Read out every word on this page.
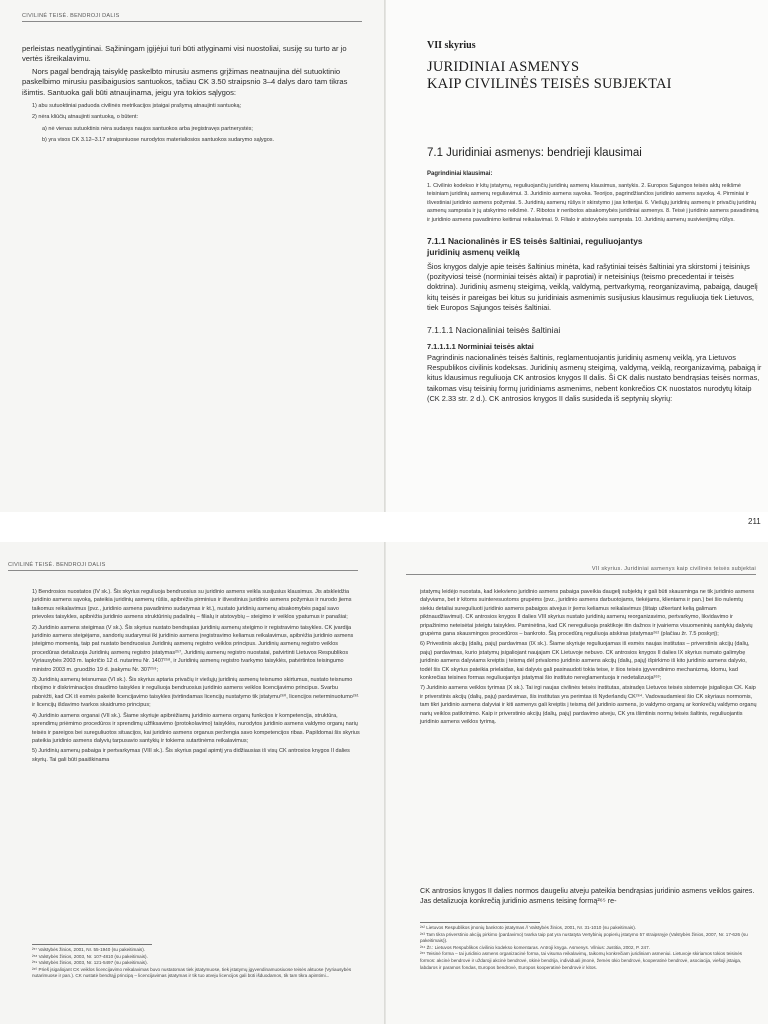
CIVILINĖ TEISĖ. BENDROJI DALIS

perleistas neatlygintinai. Sąžiningam įgijėjui turi būti atlyginami visi nuostoliai, susiję su turto ar jo vertės išreikalavimu.

Nors pagal bendrąją taisyklę paskelbto mirusiu asmens grįžimas neatnaujina dėl sutuoktinio paskelbimo mirusiu pasibaigusios santuokos, tačiau CK 3.50 straipsnio 3–4 dalys daro tam tikras išimtis. Santuoka gali būti atnaujinama, jeigu yra tokios sąlygos:

1) abu sutuoktiniai paduoda civilinės metrikacijos įstaigai prašymą atnaujinti santuoką;

2) nėra kliūčių atnaujinti santuoką, o būtent:

a) nė vienas sutuoktinis nėra sudaręs naujos santuokos arba įregistravęs partnerystės;

b) yra visos CK 3.12–3.17 straipsniuose nurodytos materialiosios santuokos sudarymo sąlygos.

VII skyrius
JURIDINIAI ASMENYS
KAIP CIVILINĖS TEISĖS SUBJEKTAI
7.1 Juridiniai asmenys: bendrieji klausimai
Pagrindiniai klausimai:

1. Civilinio kodekso ir kitų įstatymų, reguliuojančių juridinių asmenų klausimus, santykis. 2. Europos Sąjungos teisės aktų reikšmė teisiniam juridinių asmenų reguliavimui. 3. Juridinio asmens sąvoka. Teorijos, pagrindžiančios juridinio asmens sąvoką. 4. Pirminiai ir išvestiniai juridinio asmens požymiai. 5. Juridinių asmenų rūšys ir skirstymo į jas kriterijai. 6. Viešųjų juridinių asmenų ir privačių juridinių asmenų samprata ir jų atskyrimo reikšmė. 7. Ribotos ir neribotos atsakomybės juridiniai asmenys. 8. Teisė į juridinio asmens pavadinimą ir juridinio asmens pavadinimo keitimai reikalavimai. 9. Filialo ir atstovybės samprata. 10. Juridinių asmenų susivienijimų rūšys.

7.1.1 Nacionalinės ir ES teisės šaltiniai, reguliuojantys juridinių asmenų veiklą

Šios knygos dalyje apie teisės šaltinius minėta, kad rašytiniai teisės šaltiniai yra skirstomi į teisiniųs (pozityviosi teisė (norminiai teisės aktai) ir paprotiai) ir neteisiniųs (teismo precedentai ir teisės doktrina). Juridinių asmenų steigimą, veiklą, valdymą, pertvarkymą, reorganizavimą, pabaigą, daugelį kitų teisės ir pareigas bei kitus su juridiniais asmenimis susijusius klausimus reguliuoja tiek Lietuvos, tiek Europos Sąjungos teisės šaltiniai.

7.1.1.1 Nacionaliniai teisės šaltiniai
7.1.1.1.1 Norminiai teisės aktai

Pagrindinis nacionalinės teisės šaltinis, reglamentuojantis juridinių asmenų veiklą, yra Lietuvos Respublikos civilinis kodeksas. Juridinių asmenų steigimą, valdymą, veiklą, reorganizavimą, pabaigą ir kitus klausimus reguliuoja CK antrosios knygos II dalis. Ši CK dalis nustato bendrąsias teisės normas, taikomas visų teisinių formų juridiniams asmenims, nebent konkrečios CK nuostatos nurodytų kitaip (CK 2.33 str. 2 d.). CK antrosios knygos II dalis susideda iš septynių skyrių:

211
CIVILINĖ TEISĖ. BENDROJI DALIS

1) Bendrosios nuostatos (IV sk.). Šis skyrius reguliuoja bendruosius su juridinio asmens veikla susijusius klausimus. Jis atskleidžia juridinio asmens sąvoką, pateikia juridinių asmenų rūšis, apibrėžia pirminius ir išvestinius juridinio asmens požymius ir nurodo jiems taikomus reikalavimus (pvz., juridinio asmens pavadinimo sudarymas ir kt.), nustato juridinių asmenų atsakomybės pagal savo prievoles taisykles, apibrėžia juridinio asmens struktūrinių padalinių – filialų ir atstovybių – steigimo ir veiklos ypatumus ir panašiai;

2) Juridinio asmens steigimas (V sk.). Šis skyrius nustato bendrąsias juridinių asmenų steigimo ir registravimo taisykles. CK įvardija juridinio asmens steigėjams, sandorių sudarymui iki juridinio asmens įregistravimo keliamus reikalavimus, apibrėžia juridinio asmens įsteigimo momentą, taip pat nustato bendruosius Juridinių asmenų registro veiklos principus. Juridinių asmenų registro veiklos procedūras detalizuoja Juridinių asmenų registro įstatymas²⁵⁷, Juridinių asmenų registro nuostatai, patvirtinti Lietuvos Respublikos Vyriausybės 2003 m. lapkričio 12 d. nutarimu Nr. 1407²⁵⁸, ir Juridinių asmenų registro tvarkymo taisyklės, patvirtintos teisingumo ministro 2003 m. gruodžio 19 d. įsakymu Nr. 307²⁵⁹;

3) Juridinių asmenų teisnumas (VI sk.). Šis skyrius aptaria privačių ir viešųjų juridinių asmenų teisnumo skirtumus, nustato teisnumo ribojimo ir diskriminacijos draudimo taisykles ir reguliuoja bendruosius juridinio asmens veiklos licencijavimo principus. Svarbu pabrėžti, kad CK iš esmės pakeitė licencijavimo taisykles įtvirtindamas licencijų nustatymo tik įstatymu²⁶⁰, licencijos neterminuotumo²⁶¹ ir licencijų išdavimo tvarkos skaidrumo principus;

4) Juridinio asmens organai (VII sk.). Šiame skyriuje apibrėžiamų juridinio asmens organų funkcijos ir kompetencija, struktūra, sprendimų priėmimo procedūros ir sprendimų užfiksavimo (protokolavimo) taisyklės, nurodytos juridinio asmens valdymo organų narių teisės ir pareigos bei sureguliuotos situacijos, kai juridinio asmens organus peržengia savo kompetencijos ribas. Papildomai šis skyrius pateikia juridinio asmens dalyvių tarpusavio santykių ir tokiems sutartinėms reikalavimus;

5) Juridinių asmenų pabaiga ir pertvarkymas (VIII sk.). Šis skyrius pagal apimtį yra didžiausias iš visų CK antrosios knygos II dalies skyrių. Tai gali būti paaiškinama

²⁵⁷ Valstybės žinios, 2001, Nr. 55-1940 (su pakeitimais).

²⁵⁸ Valstybės žinios, 2003, Nr. 107-4810 (su pakeitimais).

²⁵⁹ Valstybės žinios, 2003, Nr. 121-5497 (su pakeitimais).

²⁶⁰ Prieš įsigaliojant CK veiklos licencijavimo reikalavimas buvo nustatomas tiek įstatymuose, tiek įstatymų įgyvendinamuosiuose teisės aktuose (Vyriausybės nutarimuose ir pan.). CK nustatė bendrąjį principą – licencijavimas įstatymas ir tik tuo atveju licencijos gali būti išduodamos, tik tam tikra apimtimi...

VII skyrius. Juridiniai asmenys kaip civilinės teisės subjektai

įstatymų leidėjo nuostata, kad kiekvieno juridinio asmens pabaiga paveikia daugelį subjektų ir gali būti skausminga ne tik juridinio asmens dalyviams, bet ir kitoms suinteresuotoms grupėms (pvz., juridinio asmens darbuotojams, tiekėjams, klientams ir pan.) bei šio nulemtų siekiu detaliai sureguliuoti juridinio asmens pabaigos atvejus ir jiems keliamus reikalavimus (šitaip užkertant kelią galimam piktnaudžiavimui). CK antrosios knygos II dalies VIII skyrius nustato juridinių asmenų reorganizavimo, pertvarkymo, likvidavimo ir pripažinimo neteisėtai įsteigtu taisykles. Paminėtina, kad CK nereguliuoja praktikoje itin dažnos ir įvairiems visuomeninių santykių dalyvių grupėms gana skausmingos procedūros – bankroto. Šią procedūrą reguliuoja atskiras įstatymas²⁶² (plačiau žr. 7.5 poskyrį);

6) Privestinis akcijų (dalių, pajų) pardavimas (IX sk.). Šiame skyriuje reguliuojamas iš esmės naujas institutas – priverstinis akcijų (dalių, pajų) pardavimas, kurio įstatymų įsigaliojant naujajam CK Lietuvoje nebuvo. CK antrosios knygos II dalies IX skyrius numato galimybę juridinio asmens dalyviams kreiptis į teismą dėl privalomo juridinio asmens akcijų (dalių, pajų) išpirkimo iš kito juridinio asmens dalyvio, todėl šis CK skyrius pateikia prielaidas, kai dalyvis gali pasinaudoti tokia teise, ir šios teisės įgyvendinimo mechanizmą. Idomu, kad konkrečias teisines formas reguliuojantys įstatymai šio instituto nereglamentuoja ir nedetalizuoja²⁶³;

7) Juridinio asmens veiklos tyrimas (X sk.). Tai irgi naujas civilinės teisės institutas, atsiradęs Lietuvos teisės sistemoje įsigaliojus CK. Kaip ir priverstinis akcijų (dalių, pajų) pardavimas, šis institutas yra perimtas iš Nyderlandų CK²⁶⁴. Vadovaudamiesi šio CK skyriaus normomis, tam tikri juridinio asmens dalyviai ir kiti asmenys gali kreiptis į teismą dėl juridinio asmens, jo valdymo organų ar konkrečių valdymo organų narių veiklos patikrinimo. Kaip ir priverstinio akcijų (dalių, pajų) pardavimo atveju, CK yra išimtinis normų teisės šaltinis, reguliuojantis juridinio asmens veiklos tyrimą.

CK antrosios knygos II dalies normos daugeliu atveju pateikia bendrąsias juridinio asmens veiklos gaires. Jas detalizuoja konkrečią juridinio asmens teisinę formą²⁶⁵ re-

²⁶² Lietuvos Respublikos įmonių bankroto įstatymas // Valstybės žinios, 2001, Nr. 31-1010 (su pakeitimais).

²⁶³ Tam tikra priverstinio akcijų pirkimo (pardavimo) tvarka taip pat yra nustatyta Vertybinių popierių įstatymo 57 straipsnyje (Valstybės žinios, 2007, Nr. 17-626 (su pakeitimais)).

²⁶⁴ Žr.: Lietuvos Respublikos civilinio kodekso komentaras. Antroji knyga. Asmenys. Vilnius: Justitia, 2002, P. 247.

²⁶⁵ Teisinė forma – tai juridinio asmens organizacinė forma, tai visuma reikalavimų, taikomų konkrečiam juridiniam asmeniui. Lietuvoje skiriamos tokios teisinės formos: akcinė bendrovė ir uždaroji akcinė bendrovė, ūkinė bendrija, individuali įmonė, žemės ūkio bendrovė, kooperatinė bendrovė, asociacija, viešoji įstaiga, labdaros ir paramos fondas, Europos bendrovė, Europos kooperatinė bendrovė ir kitos.
